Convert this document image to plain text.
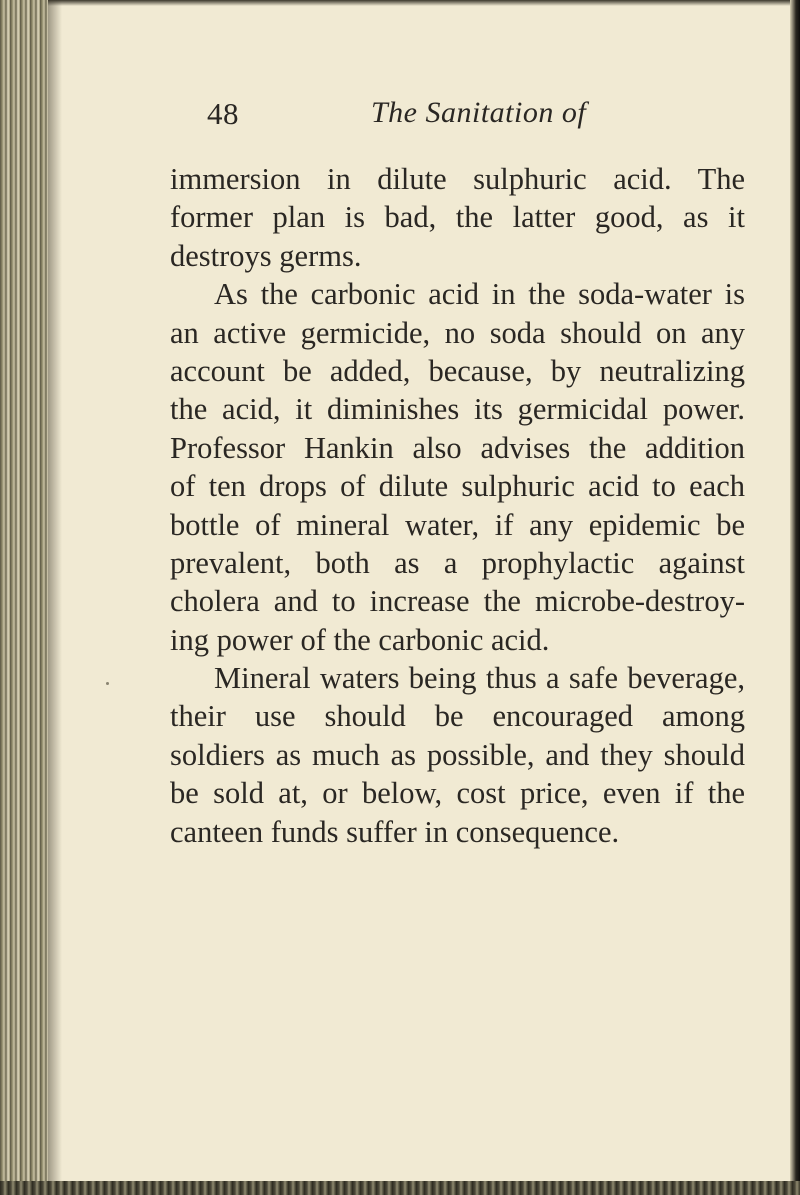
48	The Sanitation of
immersion in dilute sulphuric acid. The
former plan is bad, the latter good, as it
destroys germs.
As the carbonic acid in the soda-water is
an active germicide, no soda should on any
account be added, because, by neutralizing
the acid, it diminishes its germicidal power.
Professor Hankin also advises the addition
of ten drops of dilute sulphuric acid to each
bottle of mineral water, if any epidemic be
prevalent, both as a prophylactic against
cholera and to increase the microbe-destroy-
ing power of the carbonic acid.
Mineral waters being thus a safe beverage,
their use should be encouraged among
soldiers as much as possible, and they should
be sold at, or below, cost price, even if the
canteen funds suffer in consequence.
